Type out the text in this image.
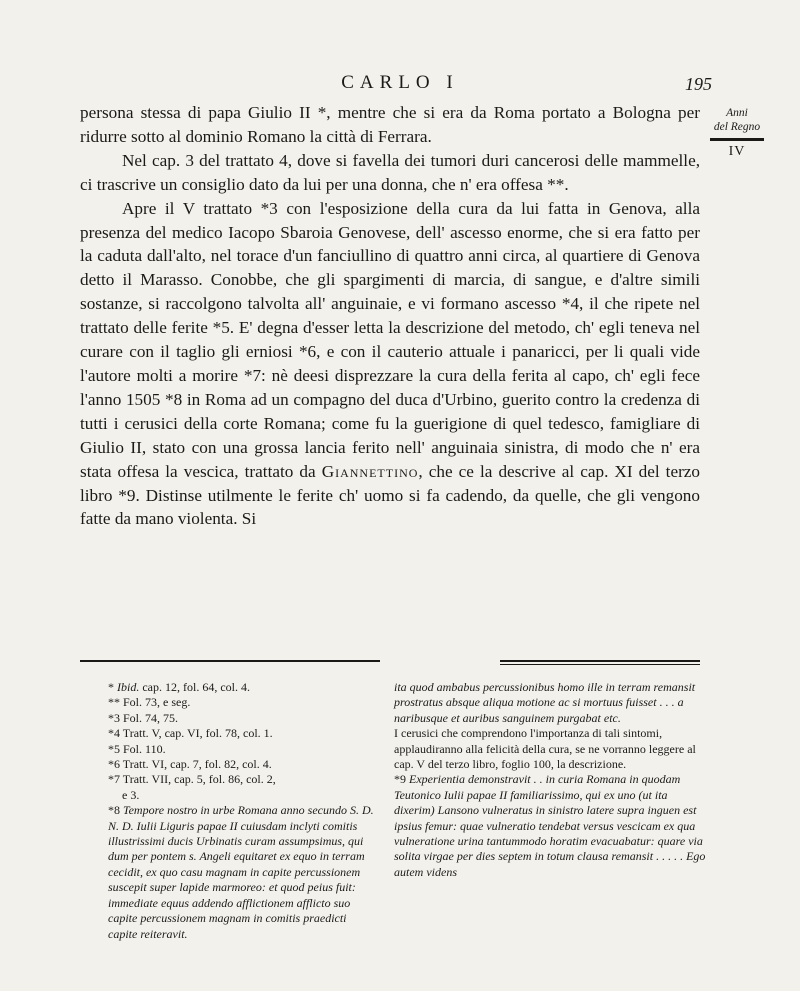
CARLO I	195
Anni
del Regno
IV

persona stessa di papa Giulio II *, mentre che si era da Roma portato a Bologna per ridurre sotto al dominio Romano la città di Ferrara.

Nel cap. 3 del trattato 4, dove si favella dei tumori duri cancerosi delle mammelle, ci trascrive un consiglio dato da lui per una donna, che n' era offesa **.

Apre il V trattato *3 con l'esposizione della cura da lui fatta in Genova, alla presenza del medico Iacopo Sbaroia Genovese, dell' ascesso enorme, che si era fatto per la caduta dall'alto, nel torace d'un fanciullino di quattro anni circa, al quartiere di Genova detto il Marasso. Conobbe, che gli spargimenti di marcia, di sangue, e d'altre simili sostanze, si raccolgono talvolta all' anguinaie, e vi formano ascesso *4, il che ripete nel trattato delle ferite *5. E' degna d'esser letta la descrizione del metodo, ch' egli teneva nel curare con il taglio gli erniosi *6, e con il cauterio attuale i panaricci, per li quali vide l'autore molti a morire *7: nè deesi disprezzare la cura della ferita al capo, ch' egli fece l'anno 1505 *8 in Roma ad un compagno del duca d'Urbino, guerito contro la credenza di tutti i cerusici della corte Romana; come fu la guerigione di quel tedesco, famigliare di Giulio II, stato con una grossa lancia ferito nell' anguinaia sinistra, di modo che n' era stata offesa la vescica, trattato da Giannettino, che ce la descrive al cap. XI del terzo libro *9. Distinse utilmente le ferite ch' uomo si fa cadendo, da quelle, che gli vengono fatte da mano violenta. Si

* Ibid. cap. 12, fol. 64, col. 4.

** Fol. 73, e seg.

*3 Fol. 74, 75.

*4 Tratt. V, cap. VI, fol. 78, col. 1.

*5 Fol. 110.

*6 Tratt. VI, cap. 7, fol. 82, col. 4.

*7 Tratt. VII, cap. 5, fol. 86, col. 2,

e 3.

*8 Tempore nostro in urbe Romana anno secundo S. D. N. D. Iulii Liguris papae II cuiusdam inclyti comitis illustrissimi ducis Urbinatis curam assumpsimus, qui dum per pontem s. Angeli equitaret ex equo in terram cecidit, ex quo casu magnam in capite percussionem suscepit super lapide marmoreo: et quod peius fuit: immediate equus addendo afflictionem afflicto suo capite percussionem magnam in comitis praedicti capite reiteravit.

ita quod ambabus percussionibus homo ille in terram remansit prostratus absque aliqua motione ac si mortuus fuisset . . . a naribusque et auribus sanguinem purgabat etc.

I cerusici che comprendono l'importanza di tali sintomi, applaudiranno alla felicità della cura, se ne vorranno leggere al cap. V del terzo libro, foglio 100, la descrizione.

*9 Experientia demonstravit . . in curia Romana in quodam Teutonico Iulii papae II familiarissimo, qui ex uno (ut ita dixerim) Lansono vulneratus in sinistro latere supra inguen est ipsius femur: quae vulneratio tendebat versus vescicam ex qua vulneratione urina tantummodo horatim evacuabatur: quare via solita virgae per dies septem in totum clausa remansit . . . . . Ego autem videns
